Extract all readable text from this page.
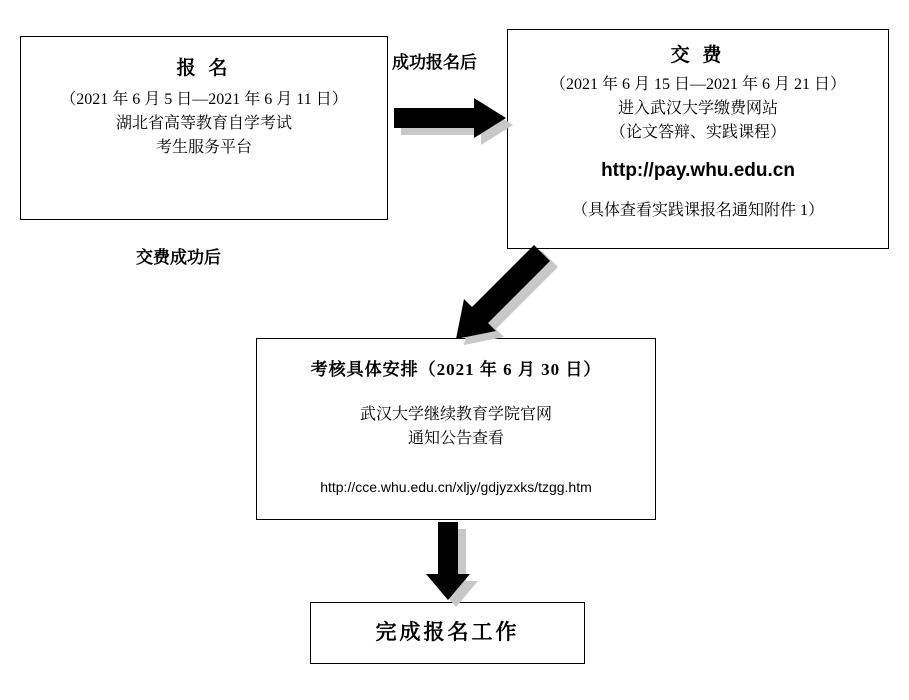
报 名
（2021 年 6 月 5 日—2021 年 6 月 11 日）
湖北省高等教育自学考试
考生服务平台
交 费
（2021 年 6 月 15 日—2021 年 6 月 21 日）
进入武汉大学缴费网站
（论文答辩、实践课程）
http://pay.whu.edu.cn
（具体查看实践课报名通知附件 1）
考核具体安排（2021 年 6 月 30 日）
武汉大学继续教育学院官网
通知公告查看
http://cce.whu.edu.cn/xljy/gdjyzxks/tzgg.htm
完成报名工作
成功报名后
交费成功后
